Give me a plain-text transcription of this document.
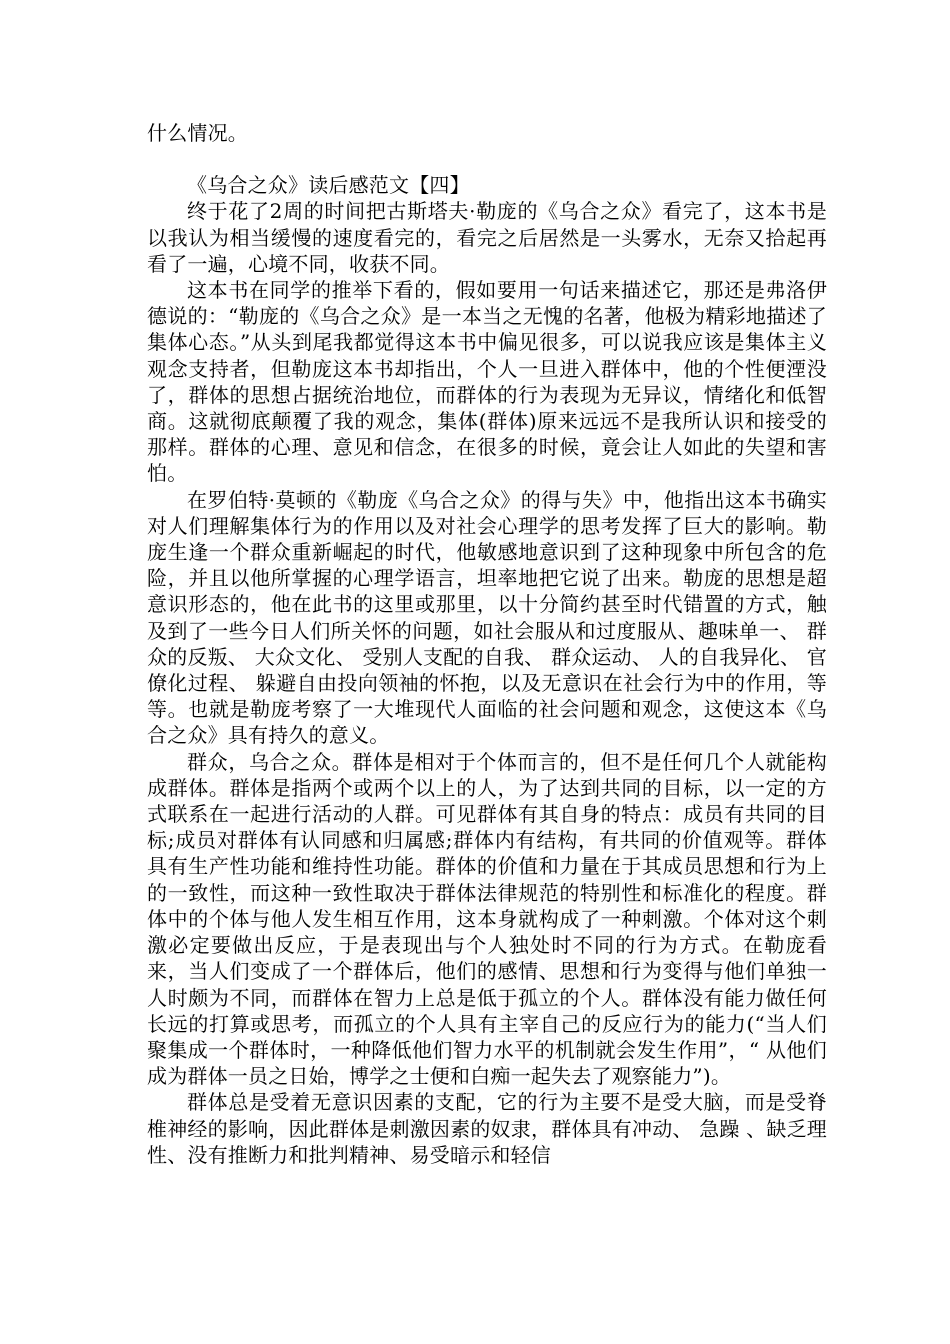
什么情况。

《乌合之众》读后感范文【四】

终于花了2周的时间把古斯塔夫·勒庞的《乌合之众》看完了，这本书是以我认为相当缓慢的速度看完的，看完之后居然是一头雾水，无奈又拾起再看了一遍，心境不同，收获不同。

这本书在同学的推举下看的，假如要用一句话来描述它，那还是弗洛伊德说的：“勒庞的《乌合之众》是一本当之无愧的名著，他极为精彩地描述了集体心态。”从头到尾我都觉得这本书中偏见很多，可以说我应该是集体主义观念支持者，但勒庞这本书却指出，个人一旦进入群体中，他的个性便湮没了，群体的思想占据统治地位，而群体的行为表现为无异议，情绪化和低智商。这就彻底颠覆了我的观念，集体(群体)原来远远不是我所认识和接受的那样。群体的心理、意见和信念，在很多的时候，竟会让人如此的失望和害怕。

在罗伯特·莫顿的《勒庞《乌合之众》的得与失》中，他指出这本书确实对人们理解集体行为的作用以及对社会心理学的思考发挥了巨大的影响。勒庞生逢一个群众重新崛起的时代，他敏感地意识到了这种现象中所包含的危险，并且以他所掌握的心理学语言，坦率地把它说了出来。勒庞的思想是超意识形态的，他在此书的这里或那里，以十分简约甚至时代错置的方式，触及到了一些今日人们所关怀的问题，如社会服从和过度服从、趣味单一、 群众的反叛、 大众文化、 受别人支配的自我、 群众运动、 人的自我异化、 官僚化过程、 躲避自由投向领袖的怀抱，以及无意识在社会行为中的作用，等等。也就是勒庞考察了一大堆现代人面临的社会问题和观念，这使这本《乌合之众》具有持久的意义。

群众，乌合之众。群体是相对于个体而言的，但不是任何几个人就能构成群体。群体是指两个或两个以上的人，为了达到共同的目标，以一定的方式联系在一起进行活动的人群。可见群体有其自身的特点：成员有共同的目标;成员对群体有认同感和归属感;群体内有结构，有共同的价值观等。群体具有生产性功能和维持性功能。群体的价值和力量在于其成员思想和行为上的一致性，而这种一致性取决于群体法律规范的特别性和标准化的程度。群体中的个体与他人发生相互作用，这本身就构成了一种刺激。个体对这个刺激必定要做出反应，于是表现出与个人独处时不同的行为方式。在勒庞看来，当人们变成了一个群体后，他们的感情、思想和行为变得与他们单独一人时颇为不同，而群体在智力上总是低于孤立的个人。群体没有能力做任何长远的打算或思考，而孤立的个人具有主宰自己的反应行为的能力(“当人们聚集成一个群体时，一种降低他们智力水平的机制就会发生作用”，“ 从他们成为群体一员之日始，博学之士便和白痴一起失去了观察能力”)。

群体总是受着无意识因素的支配，它的行为主要不是受大脑，而是受脊椎神经的影响，因此群体是刺激因素的奴隶，群体具有冲动、 急躁 、缺乏理性、没有推断力和批判精神、易受暗示和轻信
